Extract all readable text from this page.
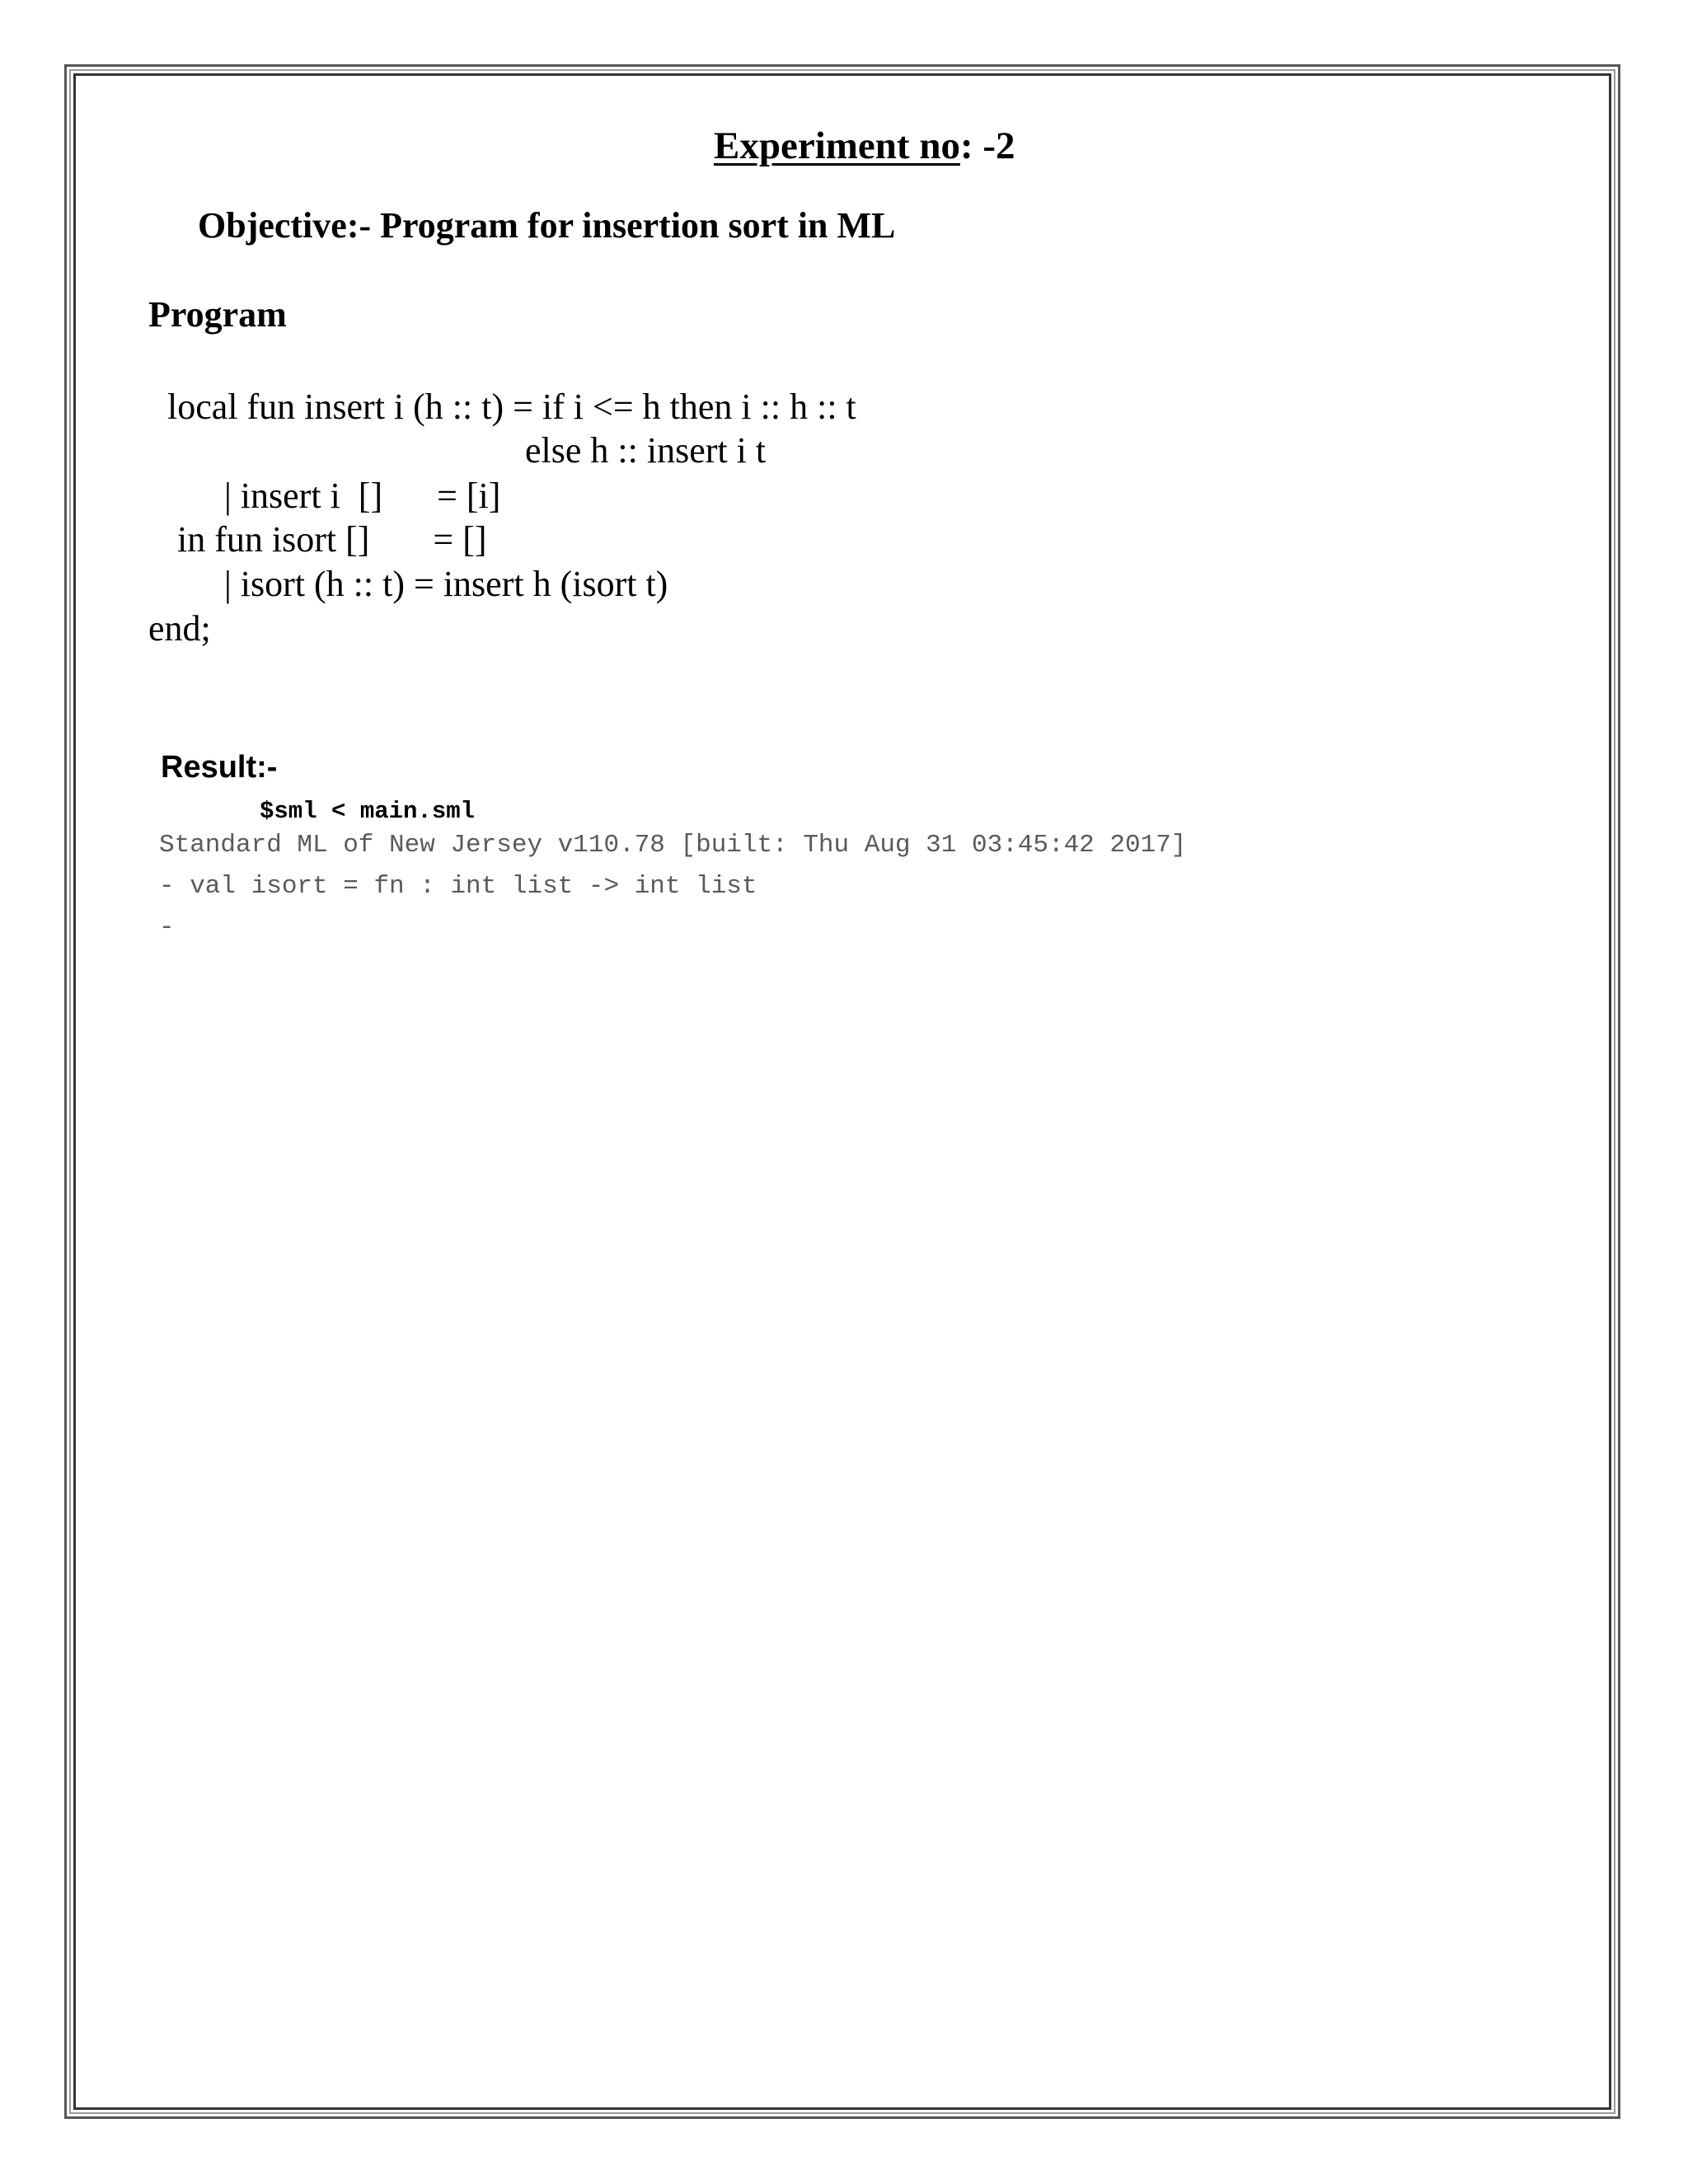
Experiment no: -2
Objective:- Program for insertion sort in ML
Program
local fun insert i (h :: t) = if i <= h then i :: h :: t
else h :: insert i t
| insert i  []      = [i]
in fun isort []       = []
| isort (h :: t) = insert h (isort t)
end;
Result:-
$sml < main.sml
Standard ML of New Jersey v110.78 [built: Thu Aug 31 03:45:42 2017]
- val isort = fn : int list -> int list
-
